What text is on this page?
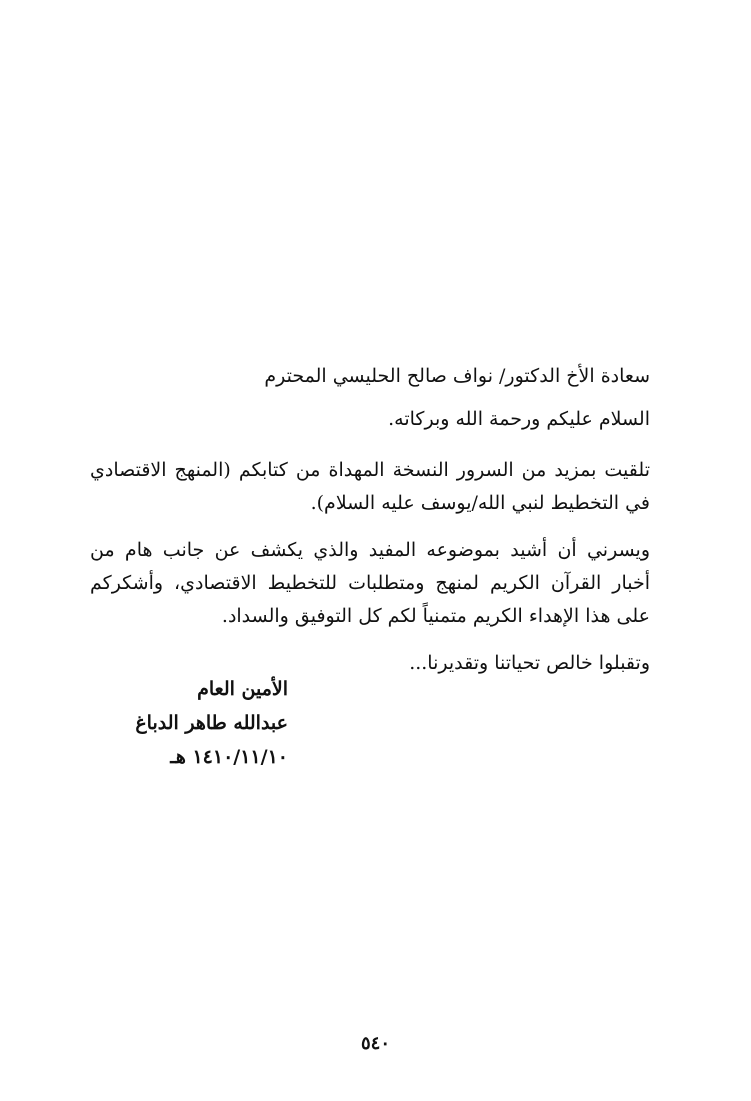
سعادة الأخ الدكتور/ نواف صالح الحليسي المحترم

السلام عليكم ورحمة الله وبركاته.

تلقيت بمزيد من السرور النسخة المهداة من كتابكم (المنهج الاقتصادي في التخطيط لنبي الله/يوسف عليه السلام).

ويسرني أن أشيد بموضوعه المفيد والذي يكشف عن جانب هام من أخبار القرآن الكريم لمنهج ومتطلبات للتخطيط الاقتصادي، وأشكركم على هذا الإهداء الكريم متمنياً لكم كل التوفيق والسداد.

وتقبلوا خالص تحياتنا وتقديرنا...

الأمين العام
عبدالله طاهر الدباغ
١٤١٠/١١/١٠ هـ
٥٤٠
